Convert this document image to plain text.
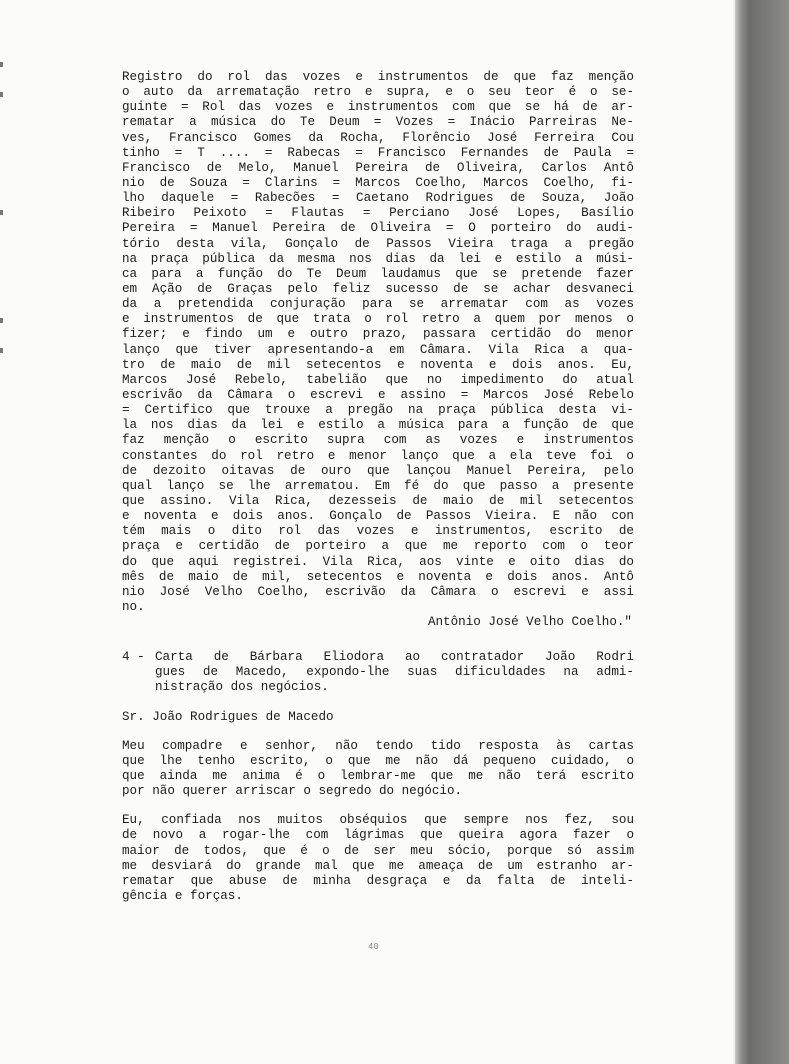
Registro do rol das vozes e instrumentos de que faz menção
o auto da arrematação retro e supra, e o seu teor é o se-
guinte = Rol das vozes e instrumentos com que se há de ar-
rematar a música do Te Deum = Vozes = Inácio Parreiras Ne-
ves, Francisco Gomes da Rocha, Florêncio José Ferreira Cou
tinho = T .... = Rabecas = Francisco Fernandes de Paula =
Francisco de Melo, Manuel Pereira de Oliveira, Carlos Antô
nio de Souza = Clarins = Marcos Coelho, Marcos Coelho, fi-
lho daquele = Rabecões = Caetano Rodrigues de Souza, João
Ribeiro Peixoto = Flautas = Perciano José Lopes, Basílio
Pereira = Manuel Pereira de Oliveira = O porteiro do audi-
tório desta vila, Gonçalo de Passos Vieira traga a pregão
na praça pública da mesma nos dias da lei e estilo a músi-
ca para a função do Te Deum laudamus que se pretende fazer
em Ação de Graças pelo feliz sucesso de se achar desvaneci
da a pretendida conjuração para se arrematar com as vozes
e instrumentos de que trata o rol retro a quem por menos o
fizer; e findo um e outro prazo, passara certidão do menor
lanço que tiver apresentando-a em Câmara. Vila Rica a qua-
tro de maio de mil setecentos e noventa e dois anos. Eu,
Marcos José Rebelo, tabelião que no impedimento do atual
escrivão da Câmara o escrevi e assino = Marcos José Rebelo
= Certifico que trouxe a pregão na praça pública desta vi-
la nos dias da lei e estilo a música para a função de que
faz menção o escrito supra com as vozes e instrumentos
constantes do rol retro e menor lanço que a ela teve foi o
de dezoito oitavas de ouro que lançou Manuel Pereira, pelo
qual lanço se lhe arrematou. Em fé do que passo a presente
que assino. Vila Rica, dezesseis de maio de mil setecentos
e noventa e dois anos. Gonçalo de Passos Vieira. E não con
tém mais o dito rol das vozes e instrumentos, escrito de
praça e certidão de porteiro a que me reporto com o teor
do que aqui registrei. Vila Rica, aos vinte e oito dias do
mês de maio de mil, setecentos e noventa e dois anos. Antô
nio José Velho Coelho, escrivão da Câmara o escrevi e assi
no.
Antônio José Velho Coelho."
4 - Carta de Bárbara Eliodora ao contratador João Rodri
gues de Macedo, expondo-lhe suas dificuldades na admi-
nistração dos negócios.
Sr. João Rodrigues de Macedo
Meu compadre e senhor, não tendo tido resposta às cartas
que lhe tenho escrito, o que me não dá pequeno cuidado, o
que ainda me anima é o lembrar-me que me não terá escrito
por não querer arriscar o segredo do negócio.
Eu, confiada nos muitos obséquios que sempre nos fez, sou
de novo a rogar-lhe com lágrimas que queira agora fazer o
maior de todos, que é o de ser meu sócio, porque só assim
me desviará do grande mal que me ameaça de um estranho ar-
rematar que abuse de minha desgraça e da falta de inteli-
gência e forças.
40
